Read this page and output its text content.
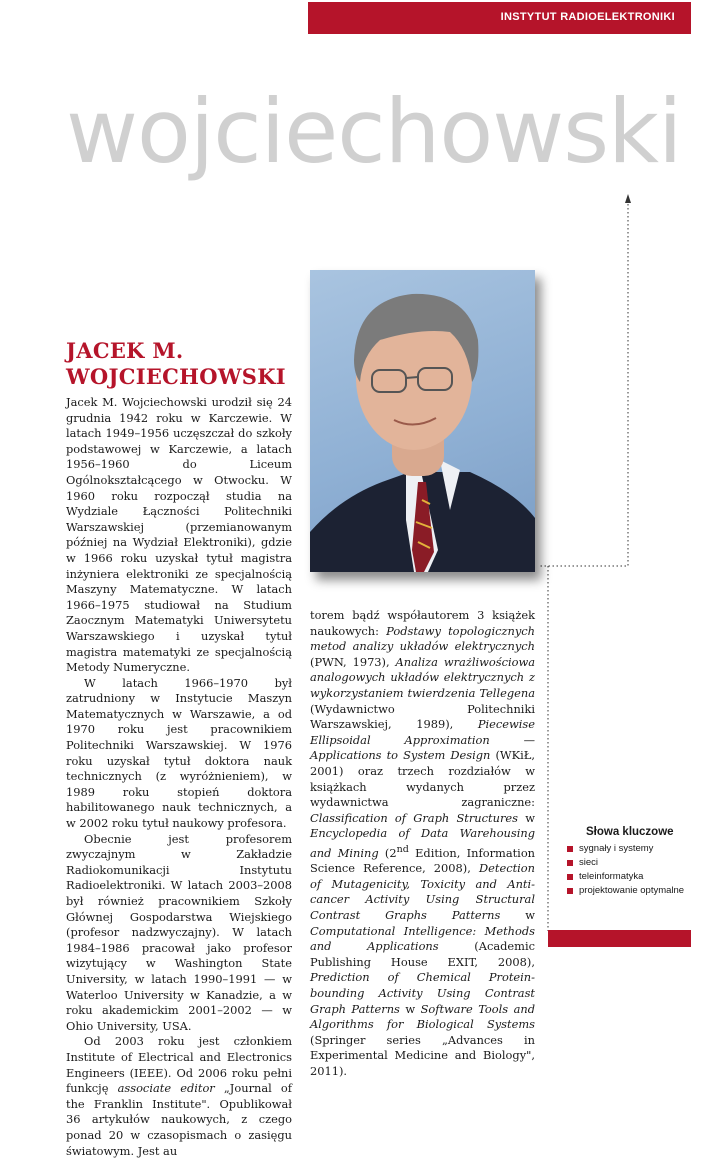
INSTYTUT RADIOELEKTRONIKI
wojciechowski
JACEK M.
WOJCIECHOWSKI

Jacek M. Wojciechowski urodził się 24 grudnia 1942 roku w Karczewie. W latach 1949–1956 uczęszczał do szkoły podstawowej w Karczewie, a latach 1956–1960 do Liceum Ogólnokształcącego w Otwocku. W 1960 roku rozpoczął studia na Wydziale Łączności Politechniki Warszawskiej (przemianowanym później na Wydział Elektroniki), gdzie w 1966 roku uzyskał tytuł magistra inżyniera elektroniki ze specjalnością Maszyny Matematyczne. W latach 1966–1975 studiował na Studium Zaocznym Matematyki Uniwersytetu Warszawskiego i uzyskał tytuł magistra matematyki ze specjalnością Metody Numeryczne.

W latach 1966–1970 był zatrudniony w Instytucie Maszyn Matematycznych w Warszawie, a od 1970 roku jest pracownikiem Politechniki Warszawskiej. W 1976 roku uzyskał tytuł doktora nauk technicznych (z wyróżnieniem), w 1989 roku stopień doktora habilitowanego nauk technicznych, a w 2002 roku tytuł naukowy profesora.

Obecnie jest profesorem zwyczajnym w Zakładzie Radiokomunikacji Instytutu Radioelektroniki. W latach 2003–2008 był również pracownikiem Szkoły Głównej Gospodarstwa Wiejskiego (profesor nadzwyczajny). W latach 1984–1986 pracował jako profesor wizytujący w Washington State University, w latach 1990–1991 — w Waterloo University w Kanadzie, a w roku akademickim 2001–2002 — w Ohio University, USA.

Od 2003 roku jest członkiem Institute of Electrical and Electronics Engineers (IEEE). Od 2006 roku pełni funkcję associate editor „Journal of the Franklin Institute". Opublikował 36 artykułów naukowych, z czego ponad 20 w czasopismach o zasięgu światowym. Jest au

torem bądź współautorem 3 książek naukowych: Podstawy topologicznych metod analizy układów elektrycznych (PWN, 1973), Analiza wrażliwościowa analogowych układów elektrycznych z wykorzystaniem twierdzenia Tellegena (Wydawnictwo Politechniki Warszawskiej, 1989), Piecewise Ellipsoidal Approximation — Applications to System Design (WKiŁ, 2001) oraz trzech rozdziałów w książkach wydanych przez wydawnictwa zagraniczne: Classification of Graph Structures w Encyclopedia of Data Warehousing and Mining (2nd Edition, Information Science Reference, 2008), Detection of Mutagenicity, Toxicity and Anti-cancer Activity Using Structural Contrast Graphs Patterns w Computational Intelligence: Methods and Applications (Academic Publishing House EXIT, 2008), Prediction of Chemical Protein-bounding Activity Using Contrast Graph Patterns w Software Tools and Algorithms for Biological Systems (Springer series „Advances in Experimental Medicine and Biology", 2011).

Słowa kluczowe
sygnały i systemy
sieci
teleinformatyka
projektowanie optymalne
